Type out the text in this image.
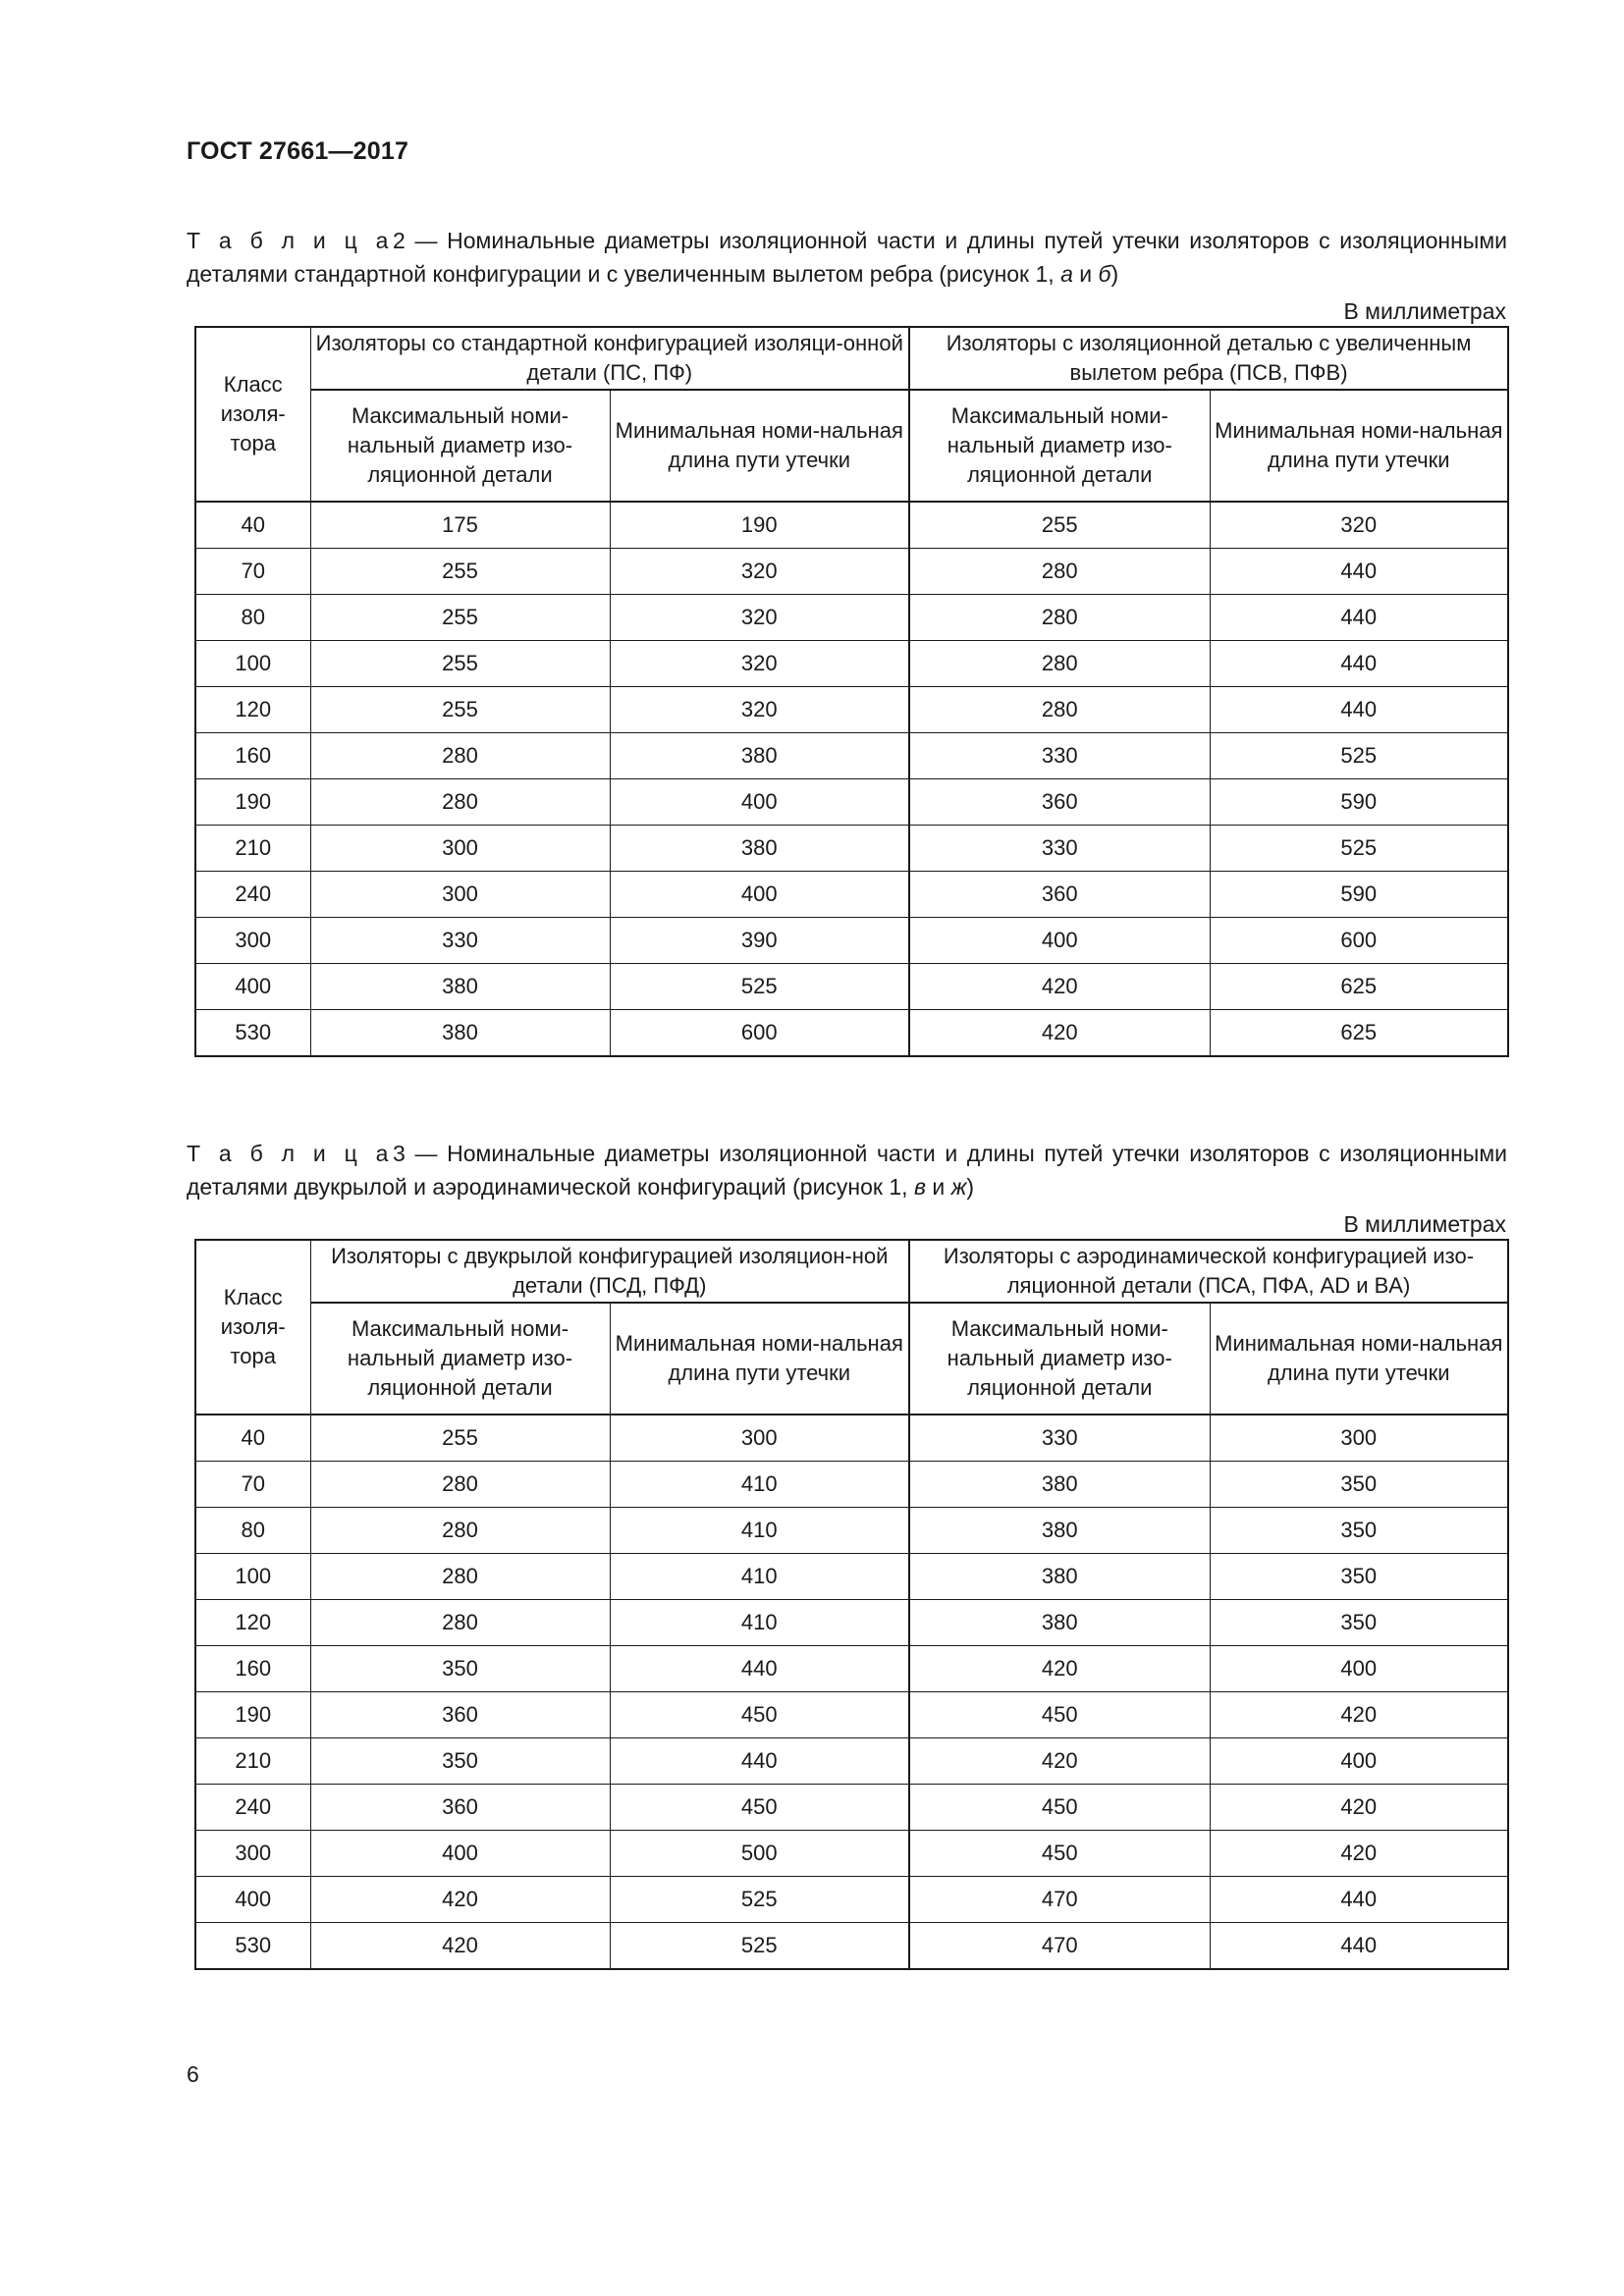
ГОСТ 27661—2017
Т а б л и ц а2 — Номинальные диаметры изоляционной части и длины путей утечки изоляторов с изоляционными деталями стандартной конфигурации и с увеличенным вылетом ребра (рисунок 1, а и б)
В миллиметрах
Класс
изоля-
тора	Изоляторы со стандартной конфигурацией изоляци-онной детали (ПС, ПФ)		Изоляторы с изоляционной деталью с увеличенным вылетом ребра (ПСВ, ПФВ)	
	Максимальный номи-нальный диаметр изо-ляционной детали	Минимальная номи-нальная длина пути утечки	Максимальный номи-нальный диаметр изо-ляционной детали	Минимальная номи-нальная длина пути утечки
40	175	190	255	320
70	255	320	280	440
80	255	320	280	440
100	255	320	280	440
120	255	320	280	440
160	280	380	330	525
190	280	400	360	590
210	300	380	330	525
240	300	400	360	590
300	330	390	400	600
400	380	525	420	625
530	380	600	420	625
Т а б л и ц а3 — Номинальные диаметры изоляционной части и длины путей утечки изоляторов с изоляционными деталями двукрылой и аэродинамической конфигураций (рисунок 1, в и ж)
В миллиметрах
Класс
изоля-
тора	Изоляторы с двукрылой конфигурацией изоляцион-ной детали (ПСД, ПФД)		Изоляторы с аэродинамической конфигурацией изо-ляционной детали (ПСА, ПФА, AD и BA)	
	Максимальный номи-нальный диаметр изо-ляционной детали	Минимальная номи-нальная длина пути утечки	Максимальный номи-нальный диаметр изо-ляционной детали	Минимальная номи-нальная длина пути утечки
40	255	300	330	300
70	280	410	380	350
80	280	410	380	350
100	280	410	380	350
120	280	410	380	350
160	350	440	420	400
190	360	450	450	420
210	350	440	420	400
240	360	450	450	420
300	400	500	450	420
400	420	525	470	440
530	420	525	470	440
6
